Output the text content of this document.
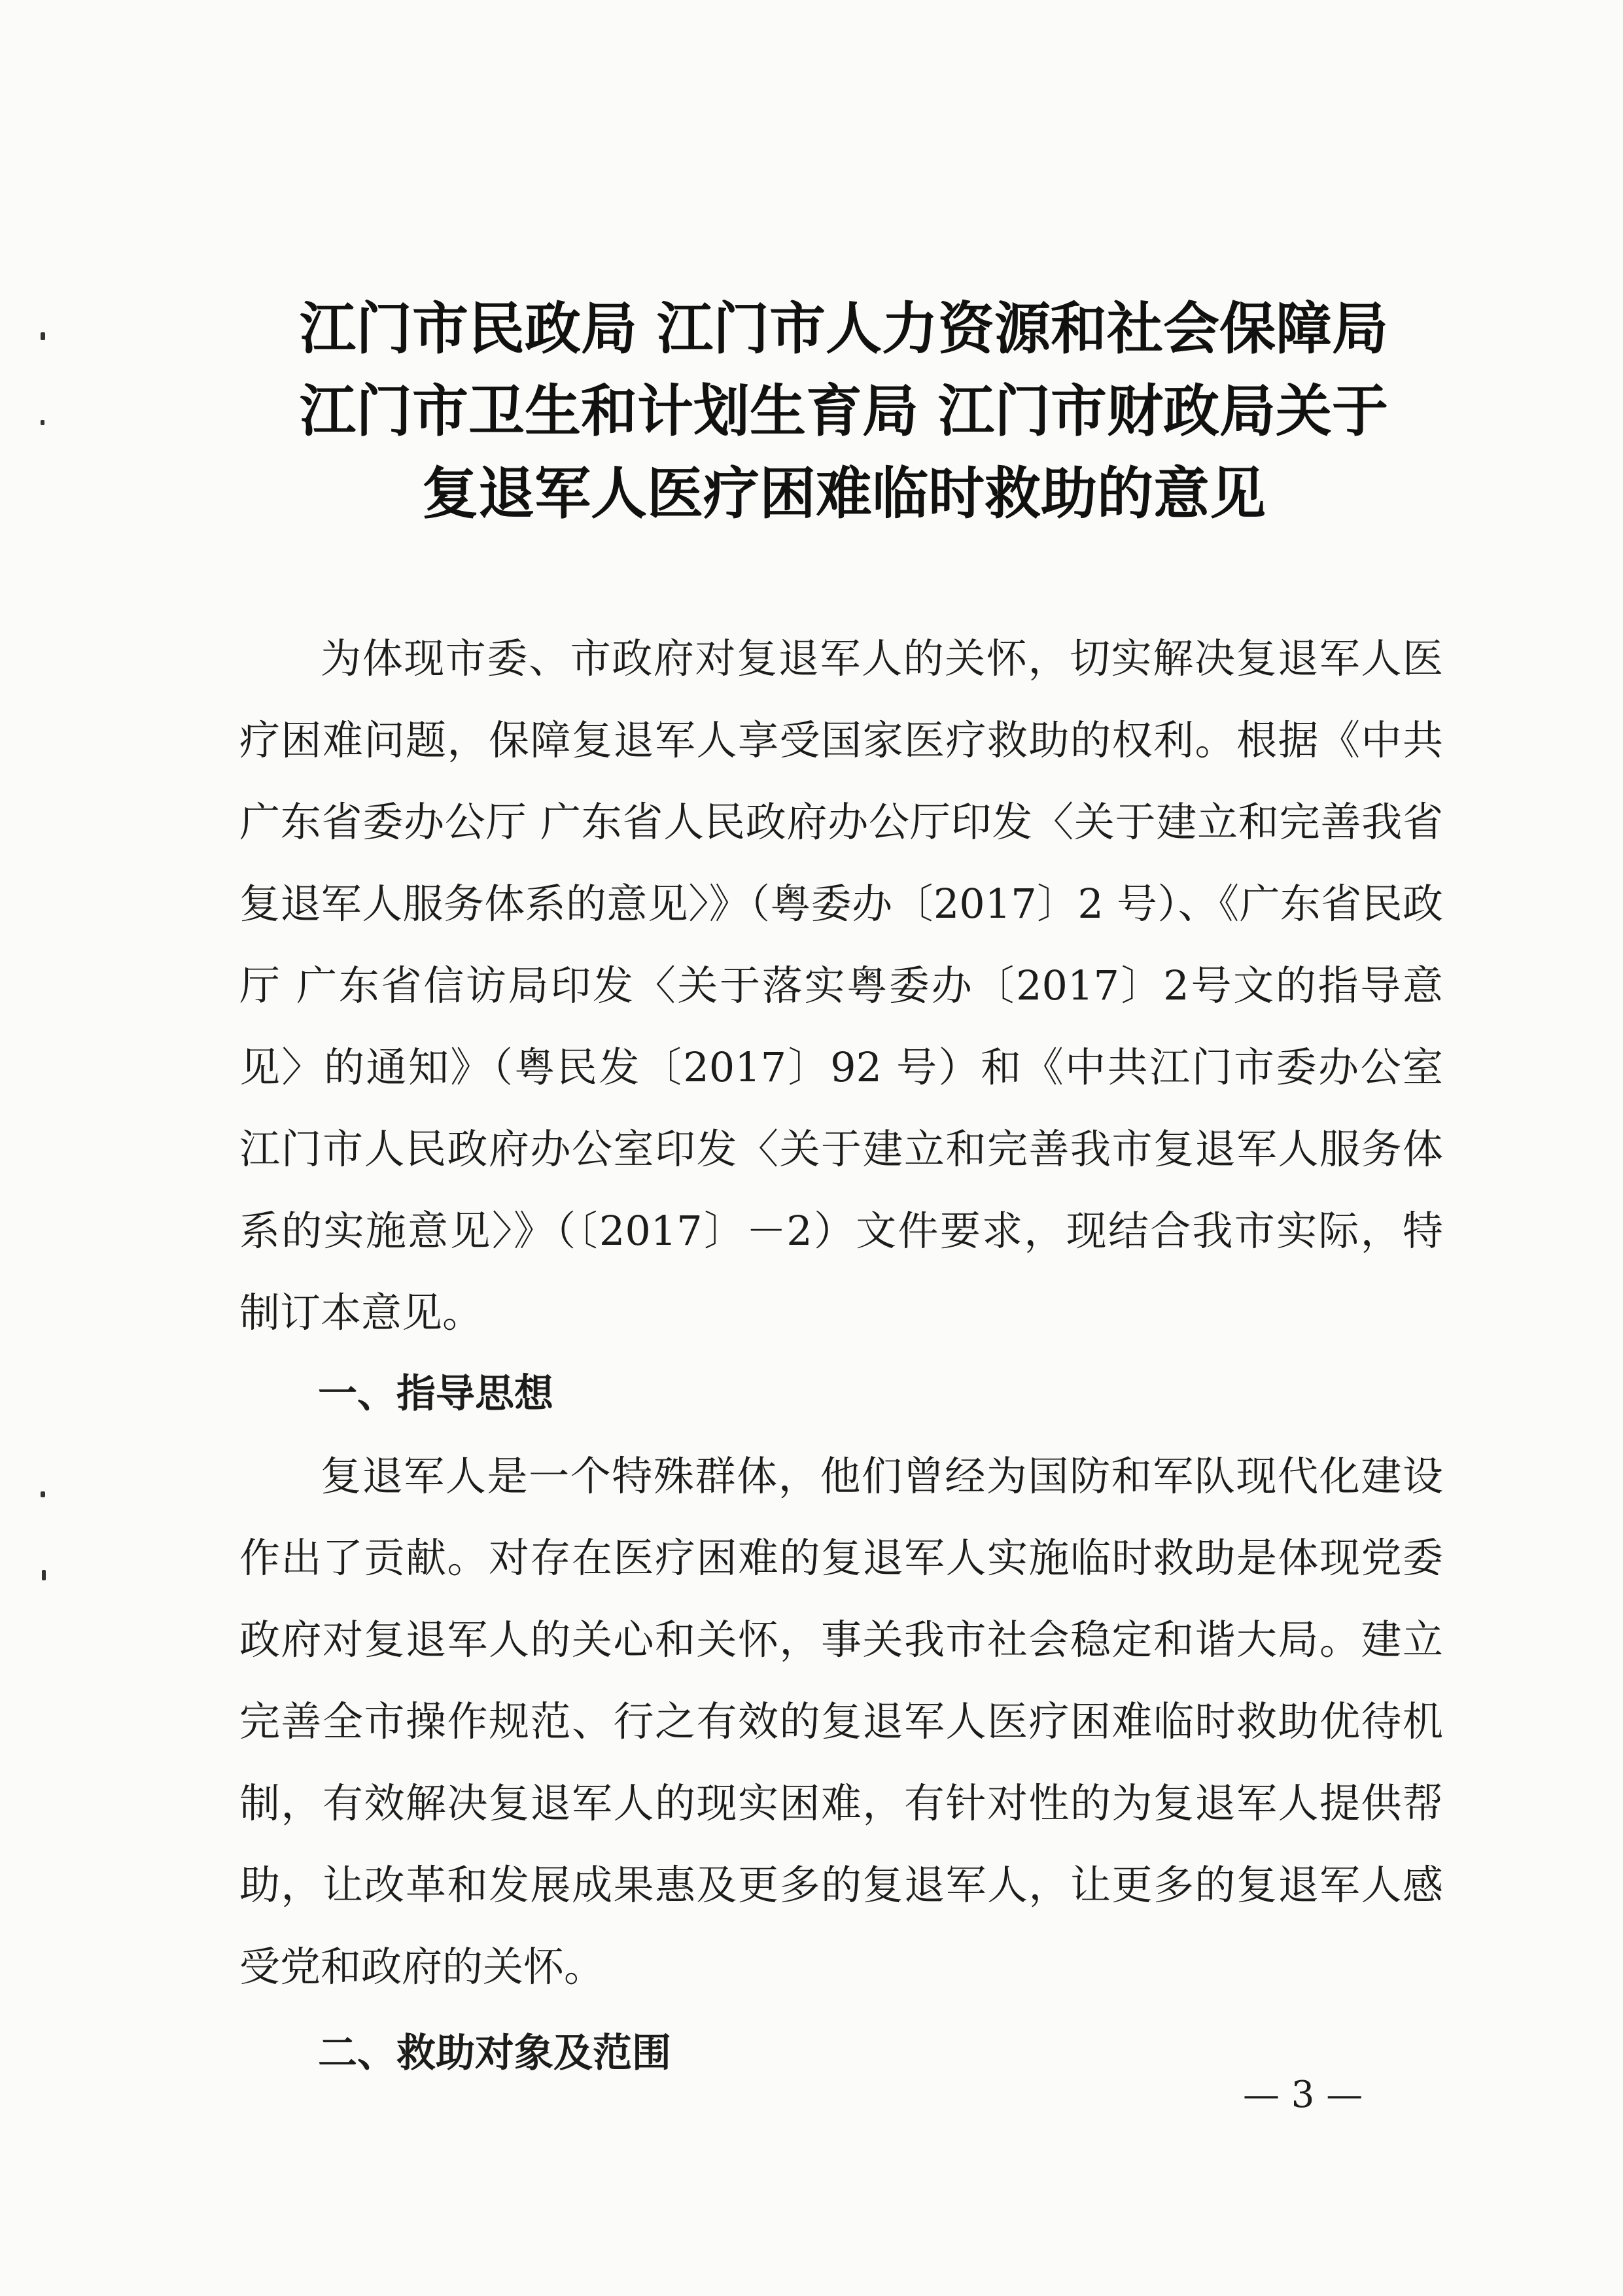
江门市民政局 江门市人力资源和社会保障局
江门市卫生和计划生育局 江门市财政局关于
复退军人医疗困难临时救助的意见

为体现市委、市政府对复退军人的关怀，切实解决复退军人医疗困难问题，保障复退军人享受国家医疗救助的权利。根据《中共广东省委办公厅 广东省人民政府办公厅印发〈关于建立和完善我省复退军人服务体系的意见〉》（粤委办〔2017〕2 号）、《广东省民政厅 广东省信访局印发〈关于落实粤委办〔2017〕2号文的指导意见〉的通知》（粤民发〔2017〕92 号）和《中共江门市委办公室 江门市人民政府办公室印发〈关于建立和完善我市复退军人服务体系的实施意见〉》（〔2017〕－2）文件要求，现结合我市实际，特制订本意见。

一、指导思想

复退军人是一个特殊群体，他们曾经为国防和军队现代化建设作出了贡献。对存在医疗困难的复退军人实施临时救助是体现党委政府对复退军人的关心和关怀，事关我市社会稳定和谐大局。建立完善全市操作规范、行之有效的复退军人医疗困难临时救助优待机制，有效解决复退军人的现实困难，有针对性的为复退军人提供帮助，让改革和发展成果惠及更多的复退军人，让更多的复退军人感受党和政府的关怀。

二、救助对象及范围

— 3 —
